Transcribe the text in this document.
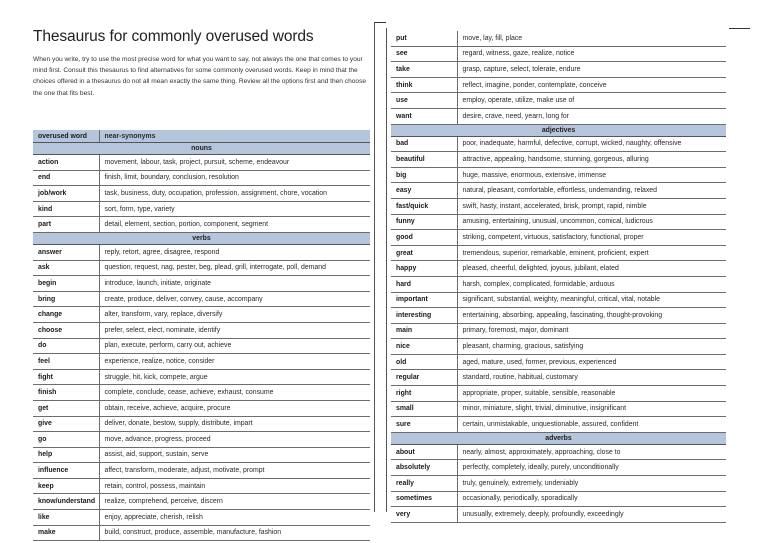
Thesaurus for commonly overused words
When you write, try to use the most precise word for what you want to say, not always the one that comes to your mind first. Consult this thesaurus to find alternatives for some commonly overused words. Keep in mind that the choices offered in a thesaurus do not all mean exactly the same thing. Review all the options first and then choose the one that fits best.
overused word	near-synonyms
nouns	
action	movement, labour, task, project, pursuit, scheme, endeavour
end	finish, limit, boundary, conclusion, resolution
job/work	task, business, duty, occupation, profession, assignment, chore, vocation
kind	sort, form, type, variety
part	detail, element, section, portion, component, segment
verbs	
answer	reply, retort, agree, disagree, respond
ask	question, request, nag, pester, beg, plead, grill, interrogate, poll, demand
begin	introduce, launch, initiate, originate
bring	create, produce, deliver, convey, cause, accompany
change	alter, transform, vary, replace, diversify
choose	prefer, select, elect, nominate, identify
do	plan, execute, perform, carry out, achieve
feel	experience, realize, notice, consider
fight	struggle, hit, kick, compete, argue
finish	complete, conclude, cease, achieve, exhaust, consume
get	obtain, receive, achieve, acquire, procure
give	deliver, donate, bestow, supply, distribute, impart
go	move, advance, progress, proceed
help	assist, aid, support, sustain, serve
influence	affect, transform, moderate, adjust, motivate, prompt
keep	retain, control, possess, maintain
know/understand	realize, comprehend, perceive, discern
like	enjoy, appreciate, cherish, relish
make	build, construct, produce, assemble, manufacture, fashion
put	move, lay, fill, place
see	regard, witness, gaze, realize, notice
take	grasp, capture, select, tolerate, endure
think	reflect, imagine, ponder, contemplate, conceive
use	employ, operate, utilize, make use of
want	desire, crave, need, yearn, long for
adjectives	
bad	poor, inadequate, harmful, defective, corrupt, wicked, naughty, offensive
beautiful	attractive, appealing, handsome, stunning, gorgeous, alluring
big	huge, massive, enormous, extensive, immense
easy	natural, pleasant, comfortable, effortless, undemanding, relaxed
fast/quick	swift, hasty, instant, accelerated, brisk, prompt, rapid, nimble
funny	amusing, entertaining, unusual, uncommon, comical, ludicrous
good	striking, competent, virtuous, satisfactory, functional, proper
great	tremendous, superior, remarkable, eminent, proficient, expert
happy	pleased, cheerful, delighted, joyous, jubilant, elated
hard	harsh, complex, complicated, formidable, arduous
important	significant, substantial, weighty, meaningful, critical, vital, notable
interesting	entertaining, absorbing, appealing, fascinating, thought-provoking
main	primary, foremost, major, dominant
nice	pleasant, charming, gracious, satisfying
old	aged, mature, used, former, previous, experienced
regular	standard, routine, habitual, customary
right	appropriate, proper, suitable, sensible, reasonable
small	minor, miniature, slight, trivial, diminutive, insignificant
sure	certain, unmistakable, unquestionable, assured, confident
adverbs	
about	nearly, almost, approximately, approaching, close to
absolutely	perfectly, completely, ideally, purely, unconditionally
really	truly, genuinely, extremely, undeniably
sometimes	occasionally, periodically, sporadically
very	unusually, extremely, deeply, profoundly, exceedingly
